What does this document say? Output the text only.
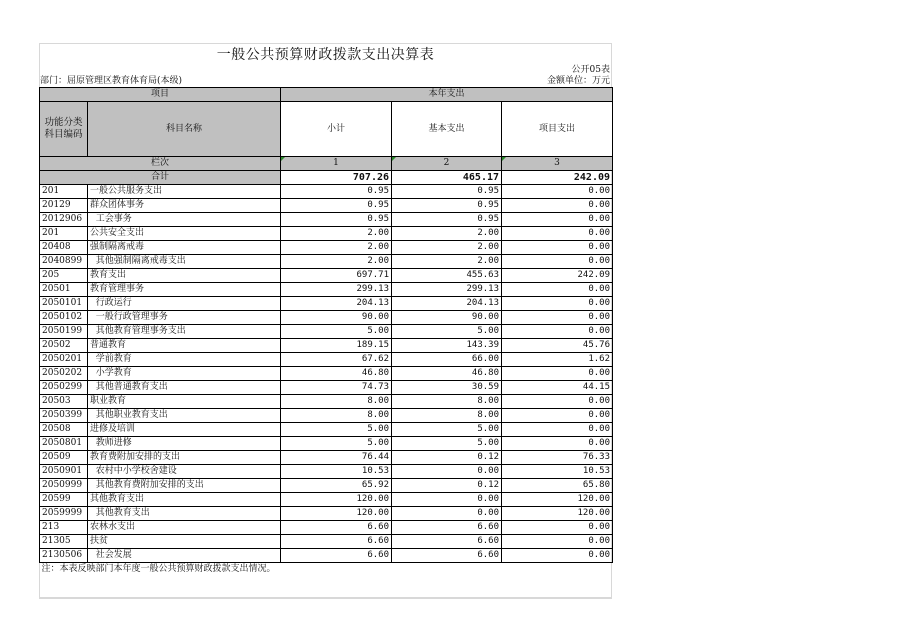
一般公共预算财政拨款支出决算表
公开05表
部门：屈原管理区教育体育局(本级)	金额单位：万元
项目		本年支出		
功能分类科目编码	科目名称	小计	基本支出	项目支出
栏次		1	2	3
合计		707.26	465.17	242.09
201	一般公共服务支出	0.95	0.95	0.00
20129	群众团体事务	0.95	0.95	0.00
2012906	工会事务	0.95	0.95	0.00
201	公共安全支出	2.00	2.00	0.00
20408	强制隔离戒毒	2.00	2.00	0.00
2040899	其他强制隔离戒毒支出	2.00	2.00	0.00
205	教育支出	697.71	455.63	242.09
20501	教育管理事务	299.13	299.13	0.00
2050101	行政运行	204.13	204.13	0.00
2050102	一般行政管理事务	90.00	90.00	0.00
2050199	其他教育管理事务支出	5.00	5.00	0.00
20502	普通教育	189.15	143.39	45.76
2050201	学前教育	67.62	66.00	1.62
2050202	小学教育	46.80	46.80	0.00
2050299	其他普通教育支出	74.73	30.59	44.15
20503	职业教育	8.00	8.00	0.00
2050399	其他职业教育支出	8.00	8.00	0.00
20508	进修及培训	5.00	5.00	0.00
2050801	教师进修	5.00	5.00	0.00
20509	教育费附加安排的支出	76.44	0.12	76.33
2050901	农村中小学校舍建设	10.53	0.00	10.53
2050999	其他教育费附加安排的支出	65.92	0.12	65.80
20599	其他教育支出	120.00	0.00	120.00
2059999	其他教育支出	120.00	0.00	120.00
213	农林水支出	6.60	6.60	0.00
21305	扶贫	6.60	6.60	0.00
2130506	社会发展	6.60	6.60	0.00
注：本表反映部门本年度一般公共预算财政拨款支出情况。				
